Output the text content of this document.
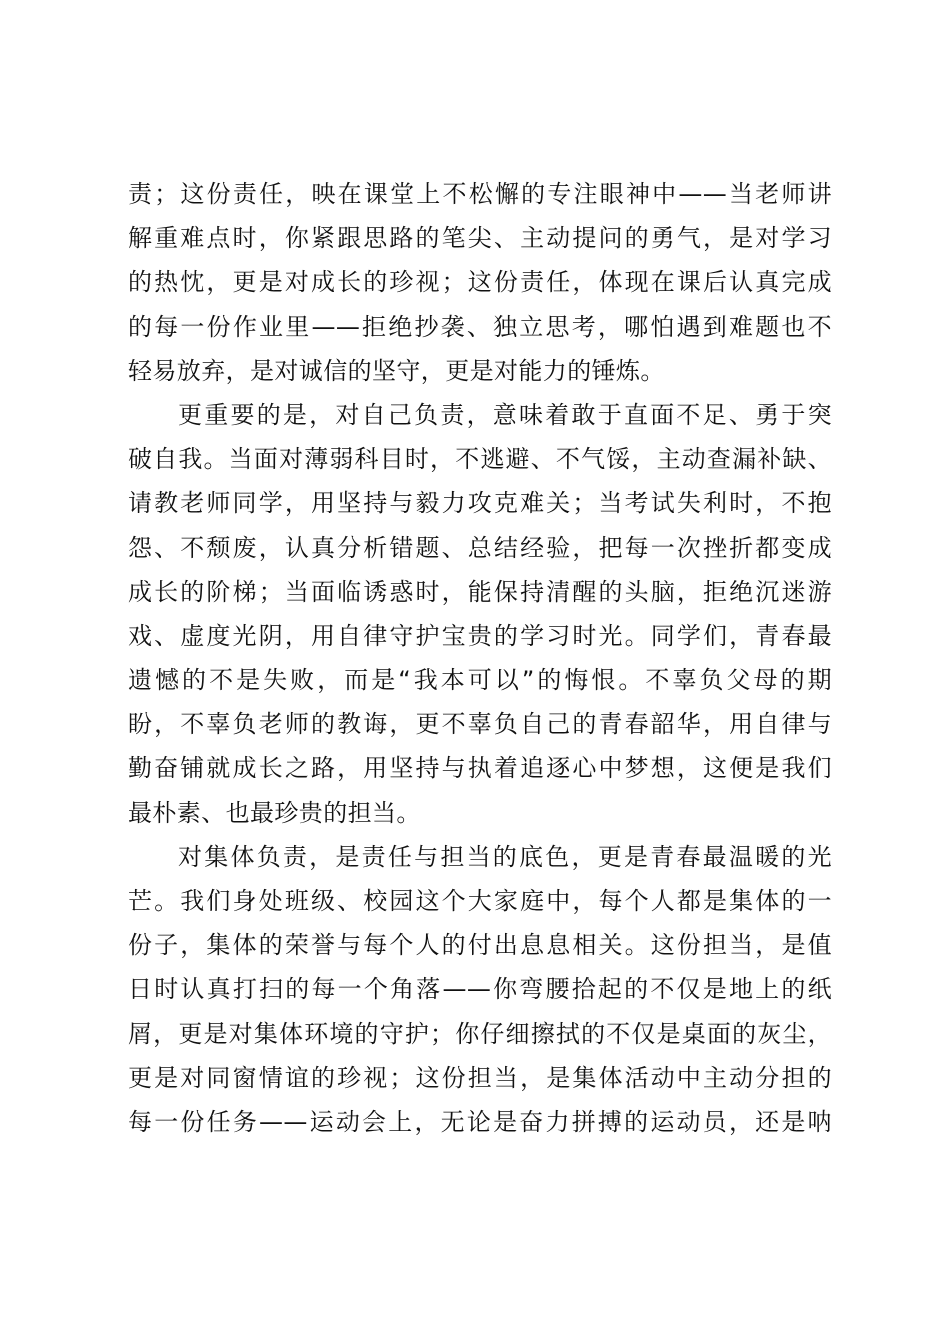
责；这份责任，映在课堂上不松懈的专注眼神中——当老师讲
解重难点时，你紧跟思路的笔尖、主动提问的勇气，是对学习
的热忱，更是对成长的珍视；这份责任，体现在课后认真完成
的每一份作业里——拒绝抄袭、独立思考，哪怕遇到难题也不
轻易放弃，是对诚信的坚守，更是对能力的锤炼。
更重要的是，对自己负责，意味着敢于直面不足、勇于突
破自我。当面对薄弱科目时，不逃避、不气馁，主动查漏补缺、
请教老师同学，用坚持与毅力攻克难关；当考试失利时，不抱
怨、不颓废，认真分析错题、总结经验，把每一次挫折都变成
成长的阶梯；当面临诱惑时，能保持清醒的头脑，拒绝沉迷游
戏、虚度光阴，用自律守护宝贵的学习时光。同学们，青春最
遗憾的不是失败，而是“我本可以”的悔恨。不辜负父母的期
盼，不辜负老师的教诲，更不辜负自己的青春韶华，用自律与
勤奋铺就成长之路，用坚持与执着追逐心中梦想，这便是我们
最朴素、也最珍贵的担当。
对集体负责，是责任与担当的底色，更是青春最温暖的光
芒。我们身处班级、校园这个大家庭中，每个人都是集体的一
份子，集体的荣誉与每个人的付出息息相关。这份担当，是值
日时认真打扫的每一个角落——你弯腰拾起的不仅是地上的纸
屑，更是对集体环境的守护；你仔细擦拭的不仅是桌面的灰尘，
更是对同窗情谊的珍视；这份担当，是集体活动中主动分担的
每一份任务——运动会上，无论是奋力拼搏的运动员，还是呐
